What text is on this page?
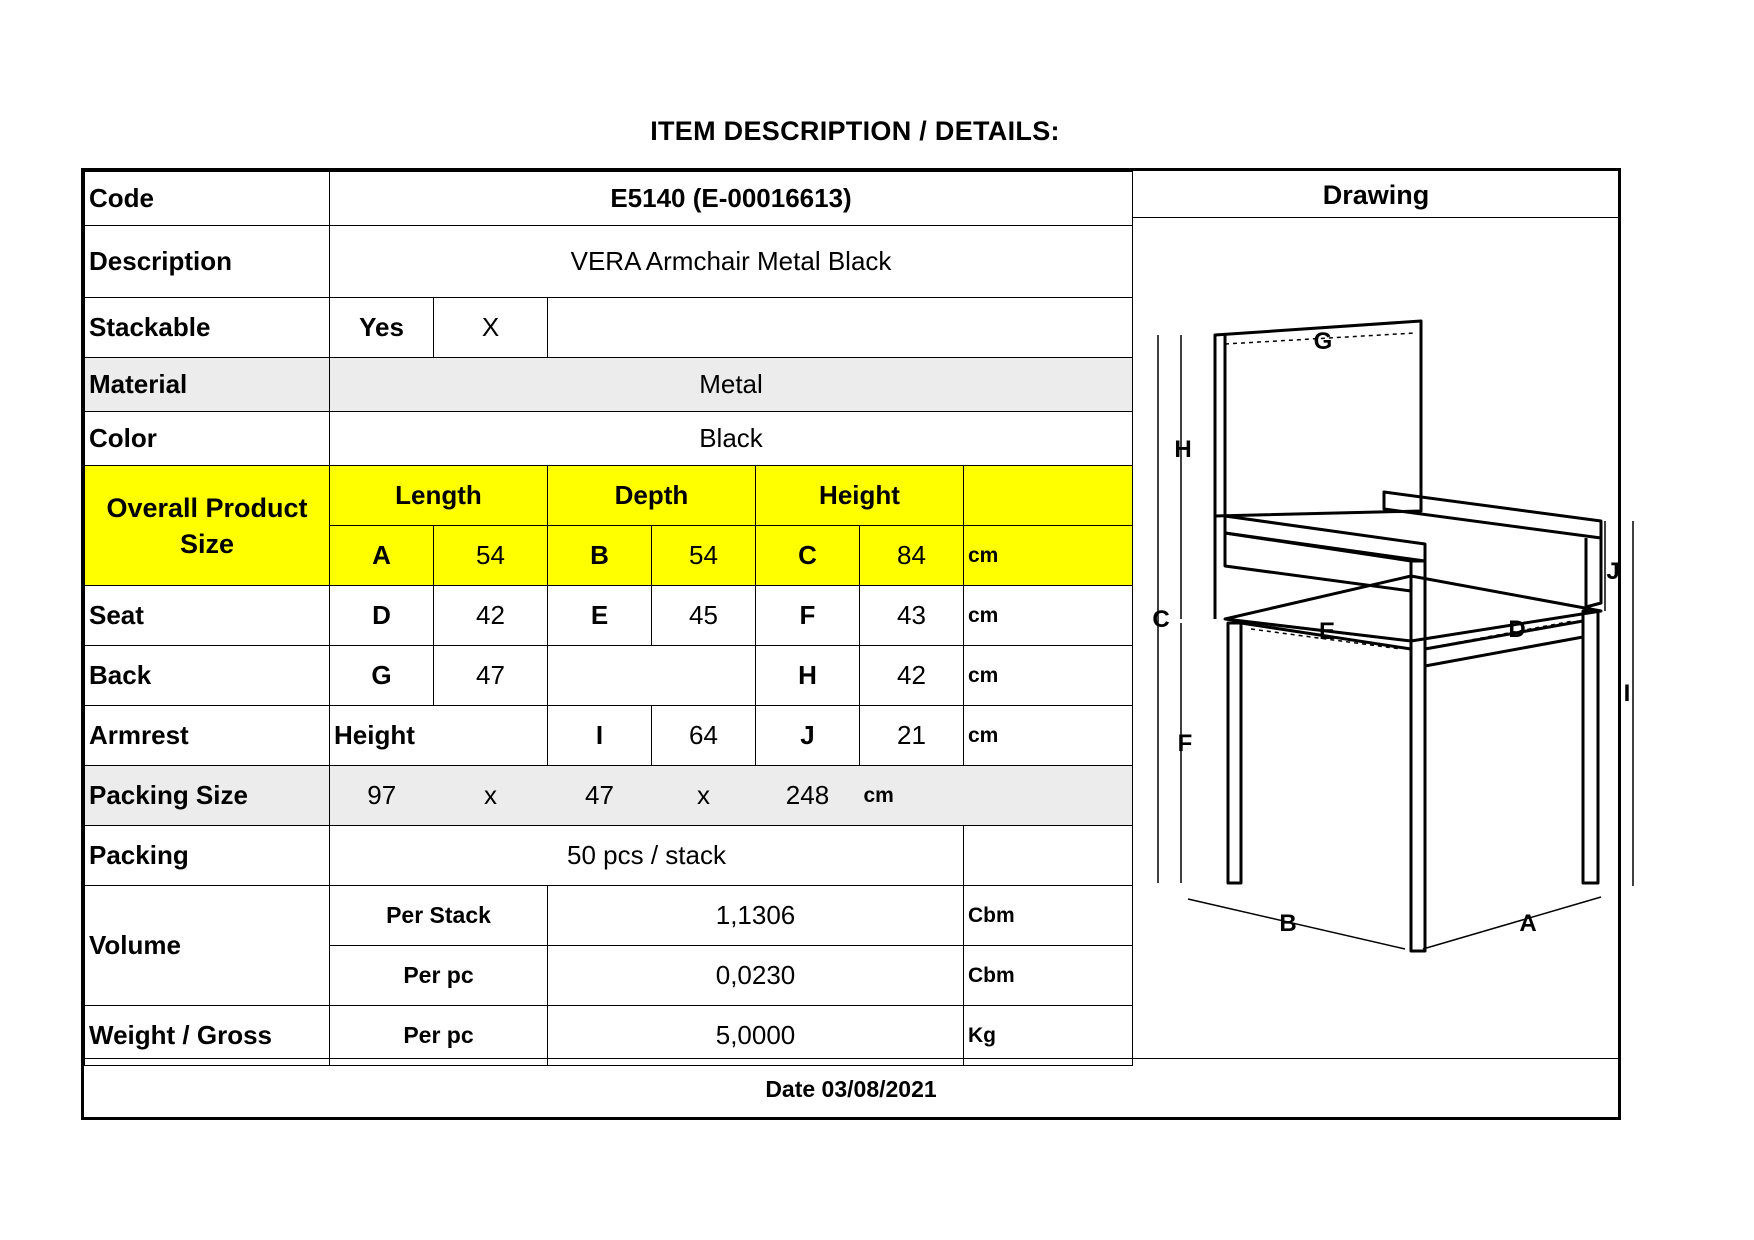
ITEM DESCRIPTION / DETAILS:
Code	E5140 (E-00016613)						
Description	VERA Armchair Metal Black						
Stackable	Yes	X					
Material	Metal						
Color	Black						
Overall Product Size	Length		Depth		Height		
	A	54	B	54	C	84	cm
Seat	D	42	E	45	F	43	cm
Back	G	47			H	42	cm
Armrest	Height		I	64	J	21	cm
Packing Size	97	x	47	x	248	cm	
Packing	50 pcs / stack						
Volume	Per Stack		1,1306				Cbm
	Per pc		0,0230				Cbm
Weight / Gross	Per pc		5,0000				Kg
Drawing
G
H
C
F
E	D
J
I
B	A
Date 03/08/2021
